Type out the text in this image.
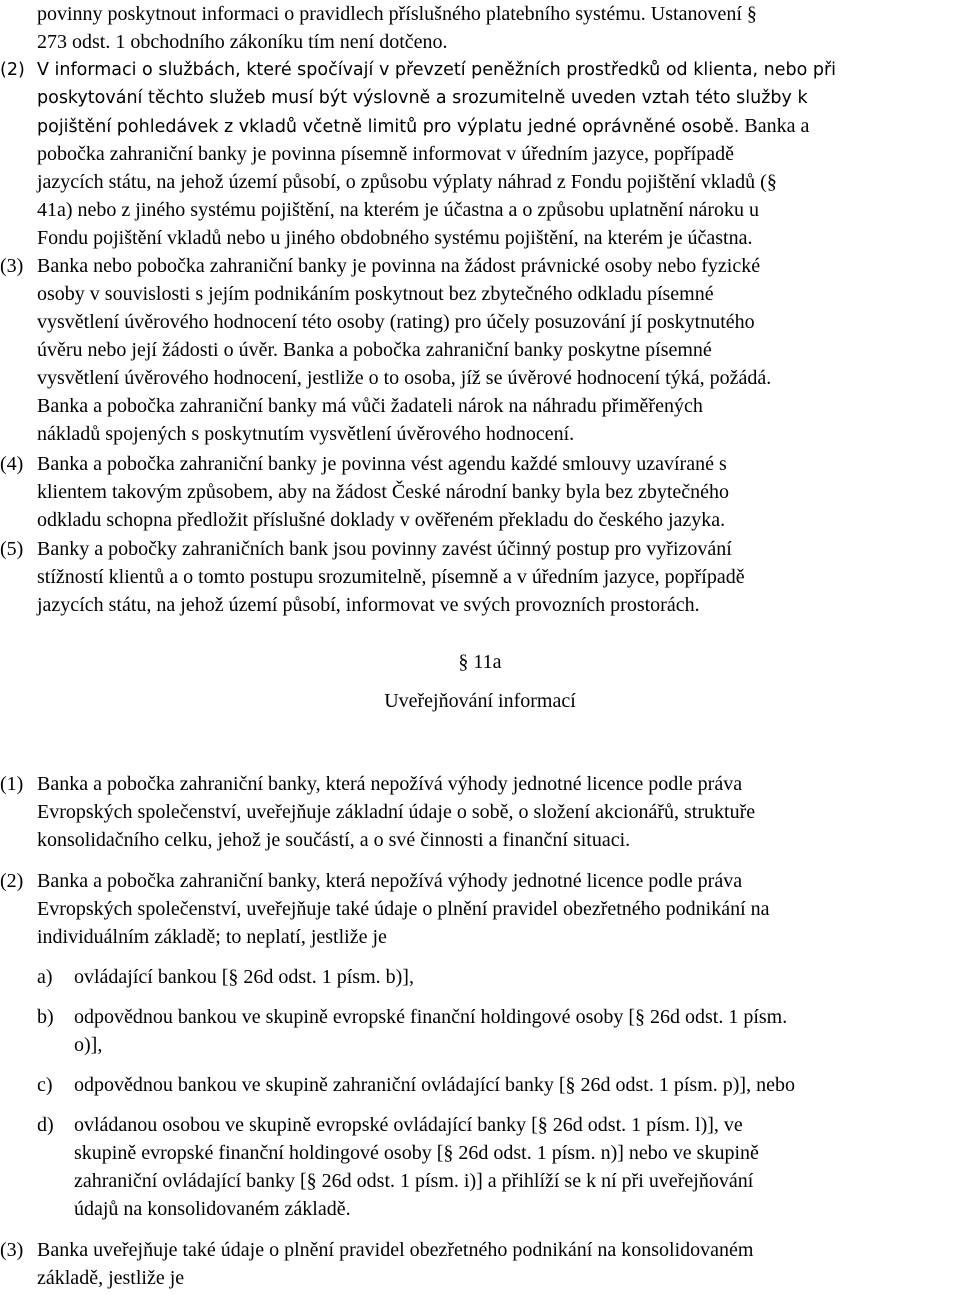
povinny poskytnout informaci o pravidlech příslušného platebního systému. Ustanovení §
273 odst. 1 obchodního zákoníku tím není dotčeno.
(2) V informaci o službách, které spočívají v převzetí peněžních prostředků od klienta, nebo při
poskytování těchto služeb musí být výslovně a srozumitelně uveden vztah této služby k
pojištění pohledávek z vkladů včetně limitů pro výplatu jedné oprávněné osobě. Banka a
pobočka zahraniční banky je povinna písemně informovat v úředním jazyce, popřípadě
jazycích státu, na jehož území působí, o způsobu výplaty náhrad z Fondu pojištění vkladů (§
41a) nebo z jiného systému pojištění, na kterém je účastna a o způsobu uplatnění nároku u
Fondu pojištění vkladů nebo u jiného obdobného systému pojištění, na kterém je účastna.
(3) Banka nebo pobočka zahraniční banky je povinna na žádost právnické osoby nebo fyzické
osoby v souvislosti s jejím podnikáním poskytnout bez zbytečného odkladu písemné
vysvětlení úvěrového hodnocení této osoby (rating) pro účely posuzování jí poskytnutého
úvěru nebo její žádosti o úvěr. Banka a pobočka zahraniční banky poskytne písemné
vysvětlení úvěrového hodnocení, jestliže o to osoba, jíž se úvěrové hodnocení týká, požádá.
Banka a pobočka zahraniční banky má vůči žadateli nárok na náhradu přiměřených
nákladů spojených s poskytnutím vysvětlení úvěrového hodnocení.
(4) Banka a pobočka zahraniční banky je povinna vést agendu každé smlouvy uzavírané s
klientem takovým způsobem, aby na žádost České národní banky byla bez zbytečného
odkladu schopna předložit příslušné doklady v ověřeném překladu do českého jazyka.
(5) Banky a pobočky zahraničních bank jsou povinny zavést účinný postup pro vyřizování
stížností klientů a o tomto postupu srozumitelně, písemně a v úředním jazyce, popřípadě
jazycích státu, na jehož území působí, informovat ve svých provozních prostorách.
§ 11a
Uveřejňování informací
(1) Banka a pobočka zahraniční banky, která nepožívá výhody jednotné licence podle práva
Evropských společenství, uveřejňuje základní údaje o sobě, o složení akcionářů, struktuře
konsolidačního celku, jehož je součástí, a o své činnosti a finanční situaci.
(2) Banka a pobočka zahraniční banky, která nepožívá výhody jednotné licence podle práva
Evropských společenství, uveřejňuje také údaje o plnění pravidel obezřetného podnikání na
individuálním základě; to neplatí, jestliže je
a) ovládající bankou [§ 26d odst. 1 písm. b)],
b) odpovědnou bankou ve skupině evropské finanční holdingové osoby [§ 26d odst. 1 písm.
o)],
c) odpovědnou bankou ve skupině zahraniční ovládající banky [§ 26d odst. 1 písm. p)], nebo
d) ovládanou osobou ve skupině evropské ovládající banky [§ 26d odst. 1 písm. l)], ve
skupině evropské finanční holdingové osoby [§ 26d odst. 1 písm. n)] nebo ve skupině
zahraniční ovládající banky [§ 26d odst. 1 písm. i)] a přihlíží se k ní při uveřejňování
údajů na konsolidovaném základě.
(3) Banka uveřejňuje také údaje o plnění pravidel obezřetného podnikání na konsolidovaném
základě, jestliže je
